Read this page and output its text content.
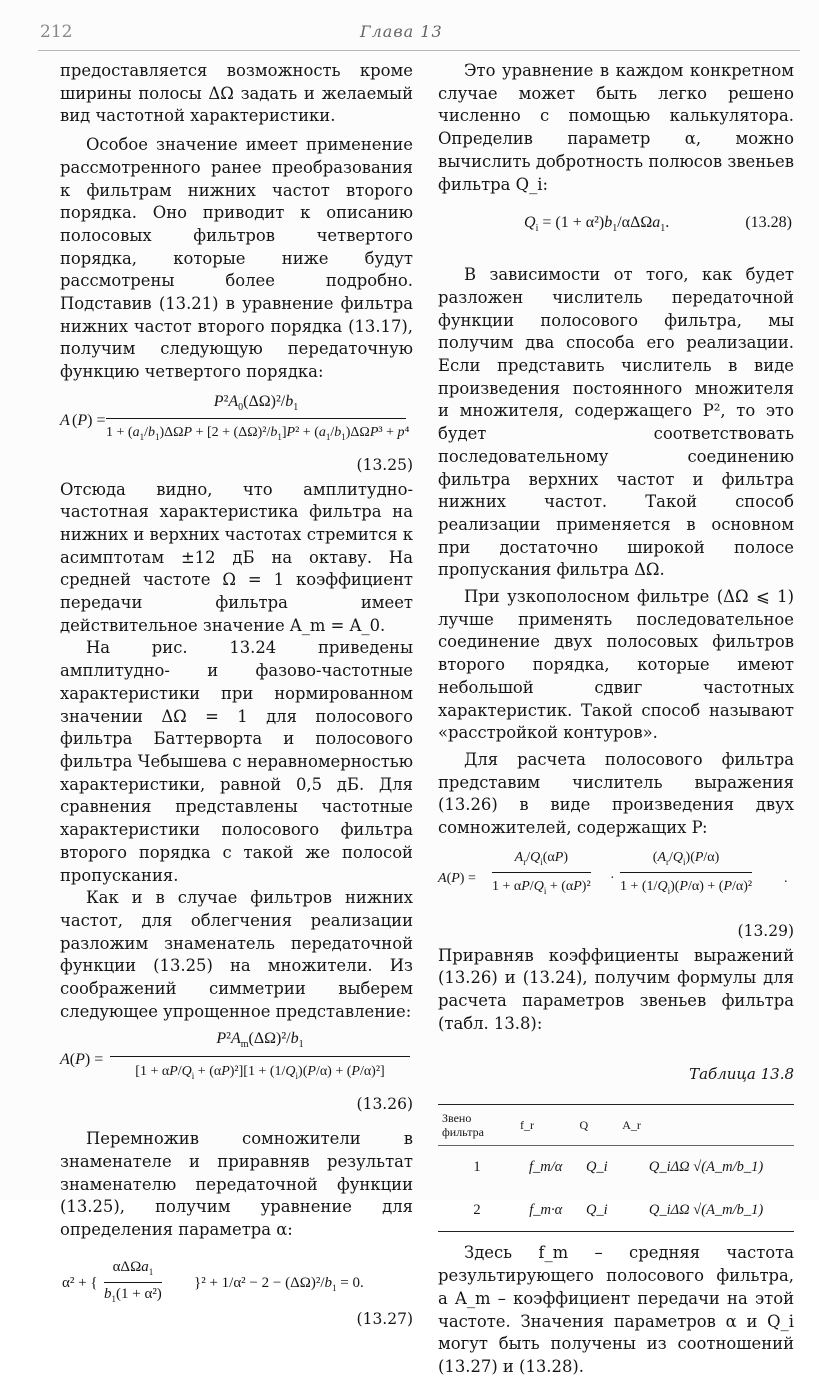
212	Глава 13

предоставляется возможность кроме ширины полосы ΔΩ задать и желаемый вид частотной характеристики.

Особое значение имеет применение рассмотренного ранее преобразования к фильтрам нижних частот второго порядка. Оно приводит к описанию полосовых фильтров четвертого порядка, которые ниже будут рассмотрены более подробно. Подставив (13.21) в уравнение фильтра нижних частот второго порядка (13.17), получим следующую передаточную функцию четвертого порядка:

A (P) =
$P^2A_0(\Delta\Omega)^2/b_1$
$1 + (a_1/b_1)\Delta\Omega P + [2 + (\Delta\Omega)^2/b_1]P^2 + (a_1/b_1)\Delta\Omega P^3 + p^4$
(13.25)

Отсюда видно, что амплитудно-частотная характеристика фильтра на нижних и верхних частотах стремится к асимптотам ±12 дБ на октаву. На средней частоте Ω = 1 коэффициент передачи фильтра имеет действительное значение A_m = A_0.

На рис. 13.24 приведены амплитудно- и фазово-частотные характеристики при нормированном значении ΔΩ = 1 для полосового фильтра Баттерворта и полосового фильтра Чебышева с неравномерностью характеристики, равной 0,5 дБ. Для сравнения представлены частотные характеристики полосового фильтра второго порядка с такой же полосой пропускания.

Как и в случае фильтров нижних частот, для облегчения реализации разложим знаменатель передаточной функции (13.25) на множители. Из соображений симметрии выберем следующее упрощенное представление:

A(P) =
$P^2A_m(\Delta\Omega)^2/b_1$
$[1 + \alpha P/Q_i + (\alpha P)^2][1 + (1/Q_i)(P/\alpha) + (P/\alpha)^2]$
(13.26)

Перемножив сомножители в знаменателе и приравняв результат знаменателю передаточной функции (13.25), получим уравнение для определения параметра α:

α² + {
αΔΩa$_1$
$b_1(1 + \alpha^2)$
}$^2 + 1/\alpha^2 - 2 - (\Delta\Omega)^2/b_1 = 0$.
(13.27)

Это уравнение в каждом конкретном случае может быть легко решено численно с помощью калькулятора. Определив параметр α, можно вычислить добротность полюсов звеньев фильтра Q_i:

$Q_i = (1 + \alpha^2)b_1/\alpha\Delta\Omega a_1$.	(13.28)

В зависимости от того, как будет разложен числитель передаточной функции полосового фильтра, мы получим два способа его реализации. Если представить числитель в виде произведения постоянного множителя и множителя, содержащего P², то это будет соответствовать последовательному соединению фильтра верхних частот и фильтра нижних частот. Такой способ реализации применяется в основном при достаточно широкой полосе пропускания фильтра ΔΩ.

При узкополосном фильтре (ΔΩ ⩽ 1) лучше применять последовательное соединение двух полосовых фильтров второго порядка, которые имеют небольшой сдвиг частотных характеристик. Такой способ называют «расстройкой контуров».

Для расчета полосового фильтра представим числитель выражения (13.26) в виде произведения двух сомножителей, содержащих P:

A(P) =
$A_r/Q_i(\alpha P)$
$1 + \alpha P/Q_i + (\alpha P)^2$
·
$(A_r/Q_i)(P/\alpha)$
$1 + (1/Q_i)(P/\alpha) + (P/\alpha)^2$
.
(13.29)

Приравняв коэффициенты выражений (13.26) и (13.24), получим формулы для расчета параметров звеньев фильтра (табл. 13.8):

Таблица 13.8
Звено фильтра	f_r	Q	A_r
1	f_m/α	Q_i	Q_iΔΩ √(A_m/b_1)
2	f_m·α	Q_i	Q_iΔΩ √(A_m/b_1)

Здесь f_m – средняя частота результирующего полосового фильтра, а A_m – коэффициент передачи на этой частоте. Значения параметров α и Q_i могут быть получены из соотношений (13.27) и (13.28).
